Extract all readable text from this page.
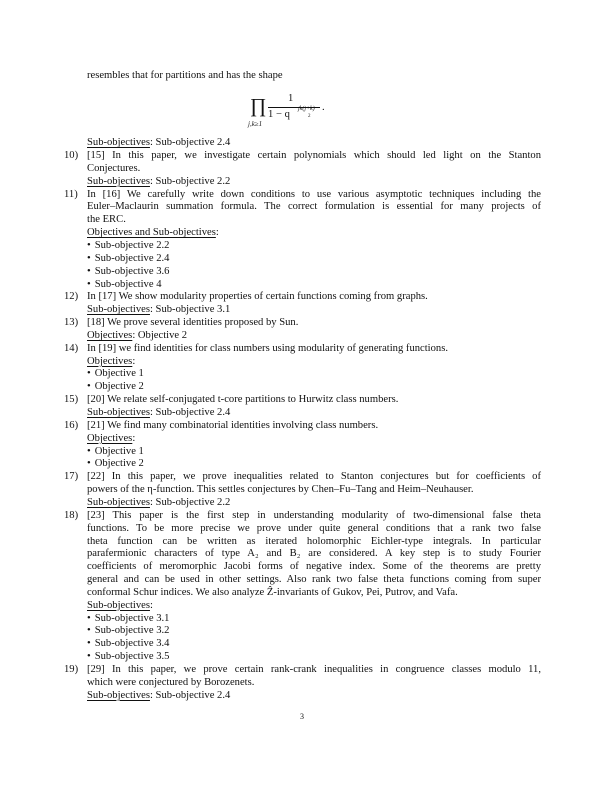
resembles that for partitions and has the shape
∏
j,k≥1
1
1 − q jk(j+k)
2
.
Sub-objectives: Sub-objective 2.4
10) [15] In this paper, we investigate certain polynomials which should led light on the Stanton
Conjectures.
Sub-objectives: Sub-objective 2.2
11) In [16] We carefully write down conditions to use various asymptotic techniques including the
Euler–Maclaurin summation formula. The correct formulation is essential for many projects of
the ERC.
Objectives and Sub-objectives:
• Sub-objective 2.2
• Sub-objective 2.4
• Sub-objective 3.6
• Sub-objective 4
12) In [17] We show modularity properties of certain functions coming from graphs.
Sub-objectives: Sub-objective 3.1
13) [18] We prove several identities proposed by Sun.
Objectives: Objective 2
14) In [19] we find identities for class numbers using modularity of generating functions.
Objectives:
• Objective 1
• Objective 2
15) [20] We relate self-conjugated t-core partitions to Hurwitz class numbers.
Sub-objectives: Sub-objective 2.4
16) [21] We find many combinatorial identities involving class numbers.
Objectives:
• Objective 1
• Objective 2
17) [22] In this paper, we prove inequalities related to Stanton conjectures but for coefficients of
powers of the η-function. This settles conjectures by Chen–Fu–Tang and Heim–Neuhauser.
Sub-objectives: Sub-objective 2.2
18) [23] This paper is the first step in understanding modularity of two-dimensional false theta
functions. To be more precise we prove under quite general conditions that a rank two false
theta function can be written as iterated holomorphic Eichler-type integrals. In particular
parafermionic characters of type A₂ and B₂ are considered. A key step is to study Fourier
coefficients of meromorphic Jacobi forms of negative index. Some of the theorems are pretty
general and can be used in other settings. Also rank two false theta functions coming from super
conformal Schur indices. We also analyze Ẑ-invariants of Gukov, Pei, Putrov, and Vafa.
Sub-objectives:
• Sub-objective 3.1
• Sub-objective 3.2
• Sub-objective 3.4
• Sub-objective 3.5
19) [29] In this paper, we prove certain rank-crank inequalities in congruence classes modulo 11,
which were conjectured by Borozenets.
Sub-objectives: Sub-objective 2.4
3
